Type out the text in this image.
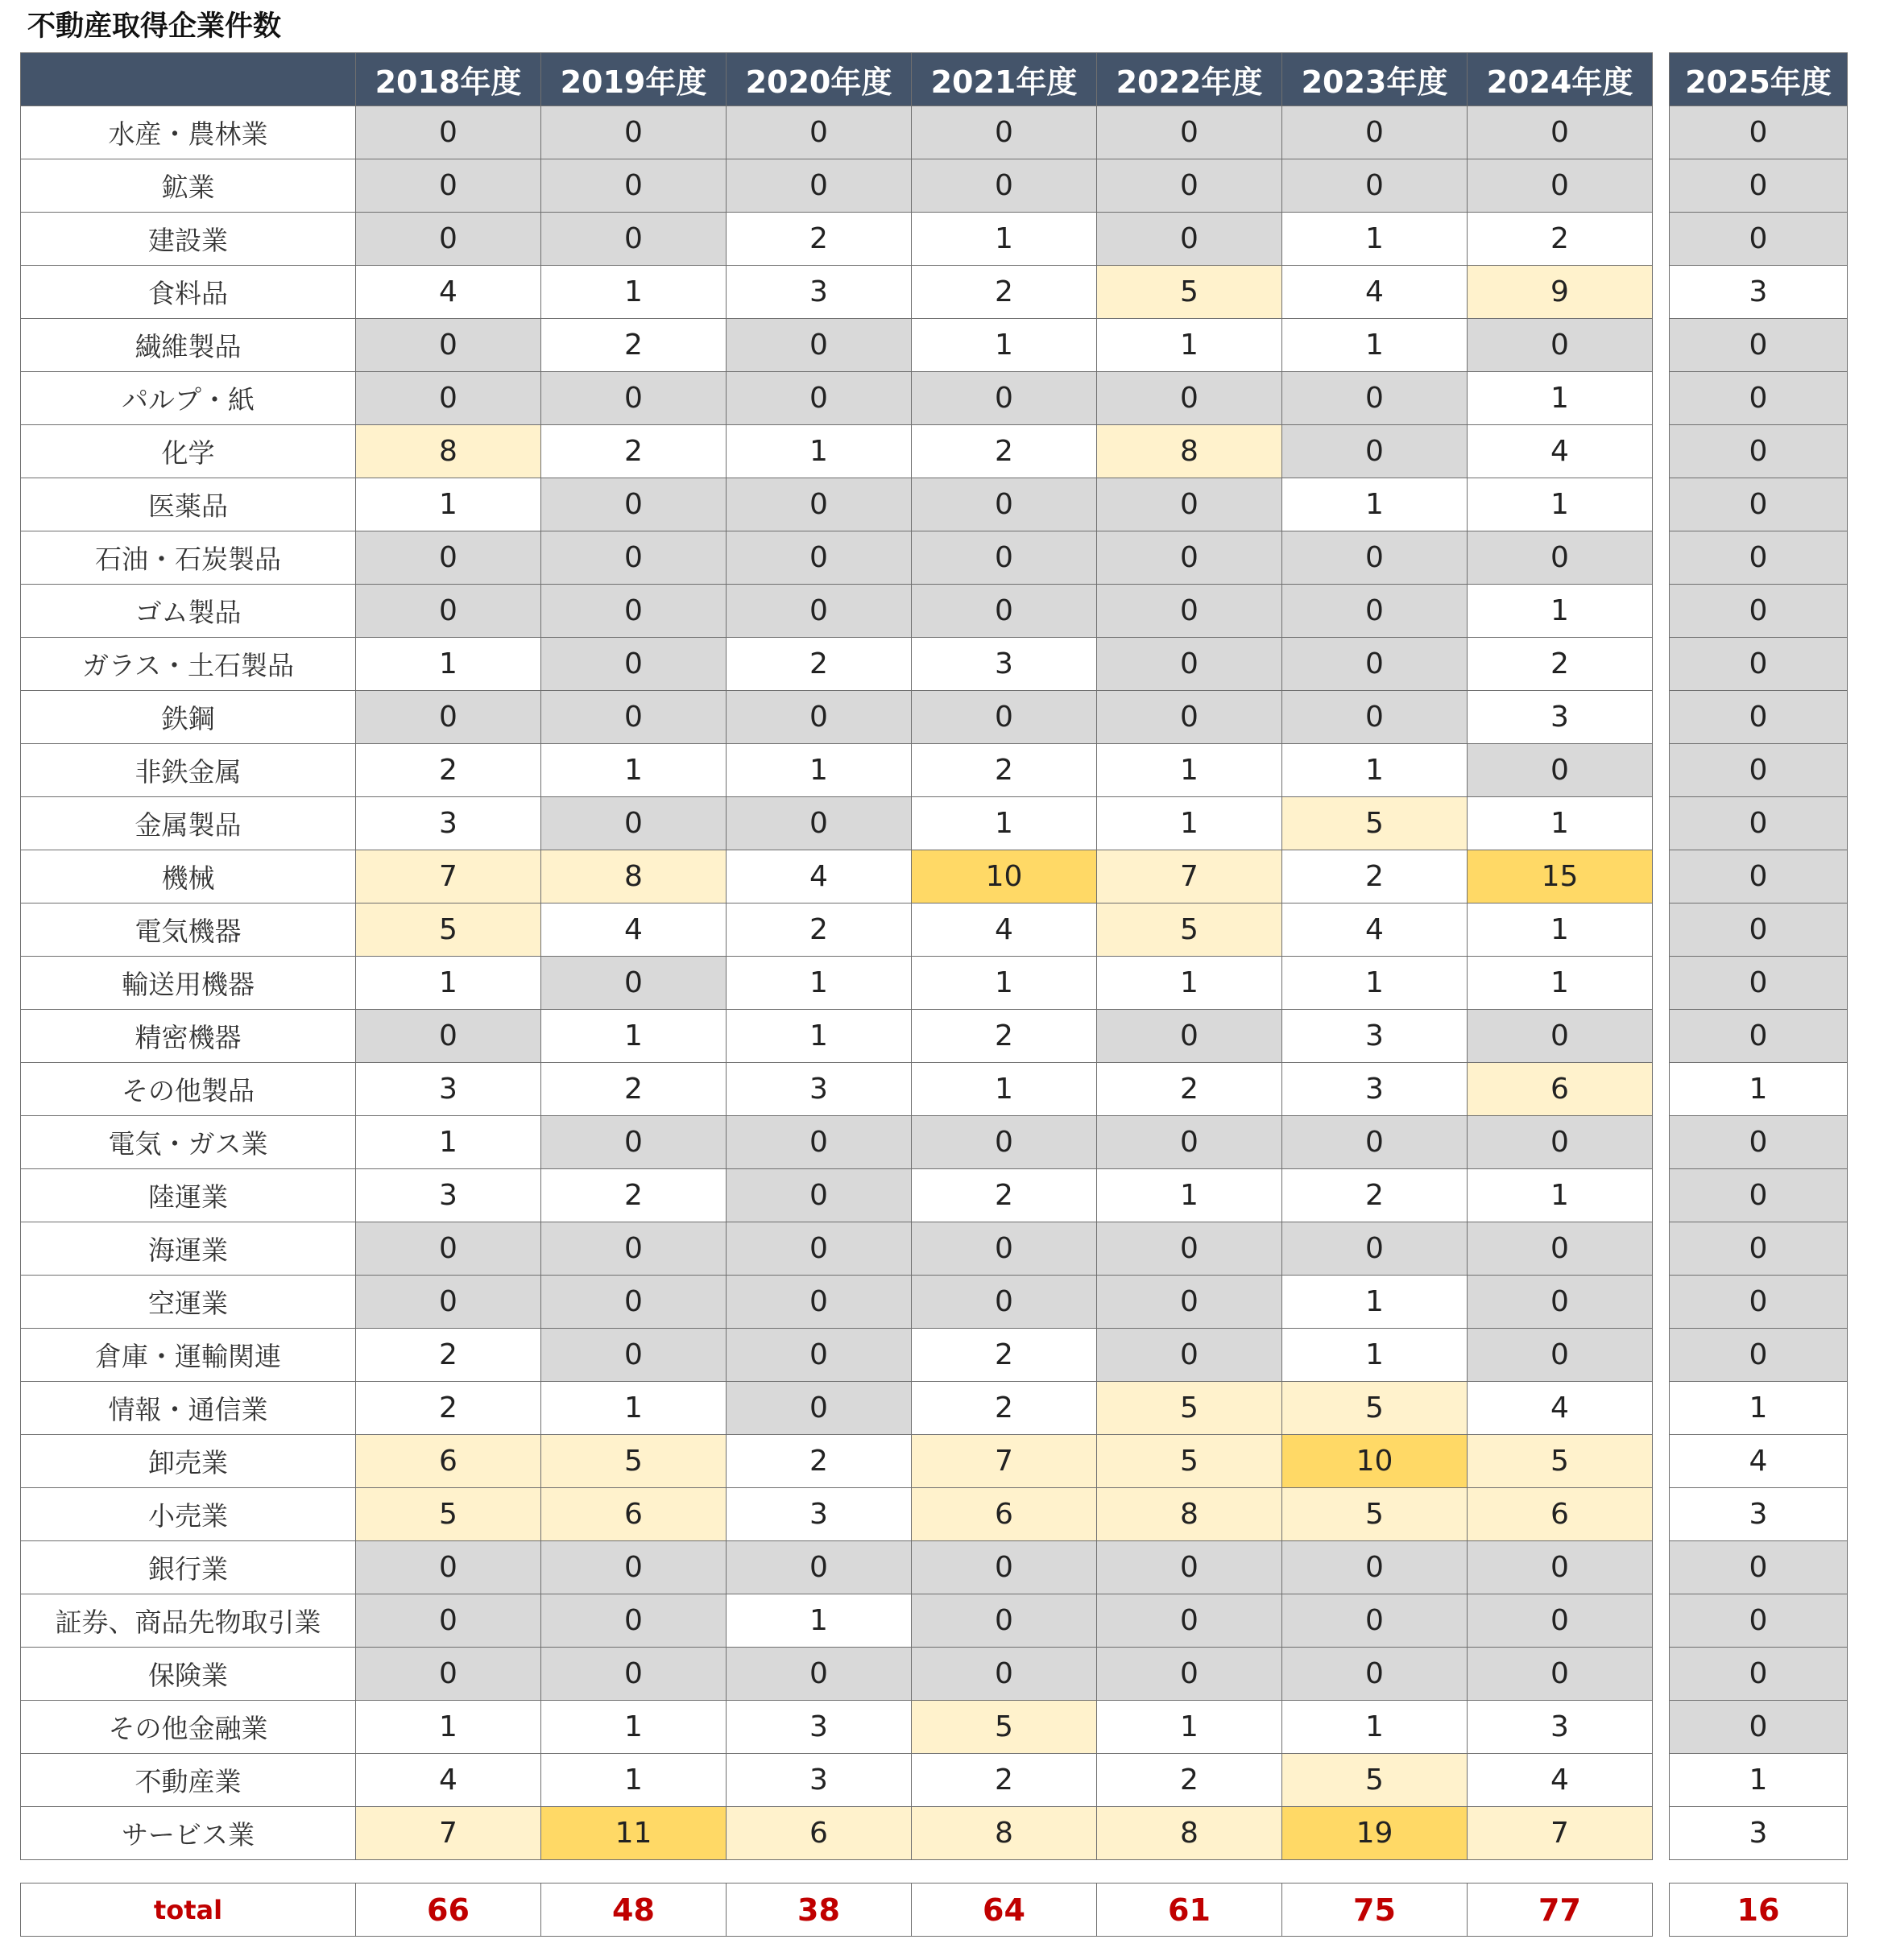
不動産取得企業件数
	2018年度	2019年度	2020年度	2021年度	2022年度	2023年度	2024年度		2025年度
水産・農林業	0	0	0	0	0	0	0		0
鉱業	0	0	0	0	0	0	0		0
建設業	0	0	2	1	0	1	2		0
食料品	4	1	3	2	5	4	9		3
繊維製品	0	2	0	1	1	1	0		0
パルプ・紙	0	0	0	0	0	0	1		0
化学	8	2	1	2	8	0	4		0
医薬品	1	0	0	0	0	1	1		0
石油・石炭製品	0	0	0	0	0	0	0		0
ゴム製品	0	0	0	0	0	0	1		0
ガラス・土石製品	1	0	2	3	0	0	2		0
鉄鋼	0	0	0	0	0	0	3		0
非鉄金属	2	1	1	2	1	1	0		0
金属製品	3	0	0	1	1	5	1		0
機械	7	8	4	10	7	2	15		0
電気機器	5	4	2	4	5	4	1		0
輸送用機器	1	0	1	1	1	1	1		0
精密機器	0	1	1	2	0	3	0		0
その他製品	3	2	3	1	2	3	6		1
電気・ガス業	1	0	0	0	0	0	0		0
陸運業	3	2	0	2	1	2	1		0
海運業	0	0	0	0	0	0	0		0
空運業	0	0	0	0	0	1	0		0
倉庫・運輸関連	2	0	0	2	0	1	0		0
情報・通信業	2	1	0	2	5	5	4		1
卸売業	6	5	2	7	5	10	5		4
小売業	5	6	3	6	8	5	6		3
銀行業	0	0	0	0	0	0	0		0
証券、商品先物取引業	0	0	1	0	0	0	0		0
保険業	0	0	0	0	0	0	0		0
その他金融業	1	1	3	5	1	1	3		0
不動産業	4	1	3	2	2	5	4		1
サービス業	7	11	6	8	8	19	7		3

total	66	48	38	64	61	75	77		16
